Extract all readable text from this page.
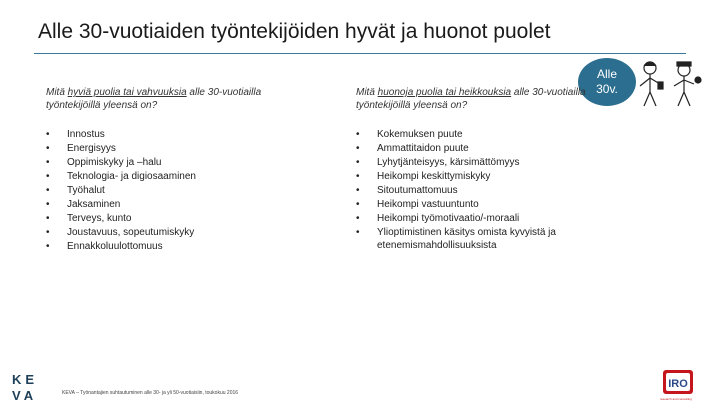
Alle 30-vuotiaiden työntekijöiden hyvät ja huonot puolet
Alle
30v.
Mitä hyviä puolia tai vahvuuksia alle 30-vuotiailla työntekijöillä yleensä on?
• Innostus
• Energisyys
• Oppimiskyky ja –halu
• Teknologia- ja digiosaaminen
• Työhalut
• Jaksaminen
• Terveys, kunto
• Joustavuus, sopeutumiskyky
• Ennakkoluulottomuus
Mitä huonoja puolia tai heikkouksia alle 30-vuotiailla työntekijöillä yleensä on?
• Kokemuksen puute
• Ammattitaidon puute
• Lyhytjänteisyys, kärsimättömyys
• Heikompi keskittymiskyky
• Sitoutumattomuus
• Heikompi vastuuntunto
• Heikompi työmotivaatio/-moraali
• Ylioptimistinen käsitys omista kyvyistä ja etenemismahdollisuuksista
KE
VA	KEVA – Työnantajien suhtautuminen alle 30- ja yli 50-vuotiaisiin, toukokuu 2016
IRO
research and consulting
